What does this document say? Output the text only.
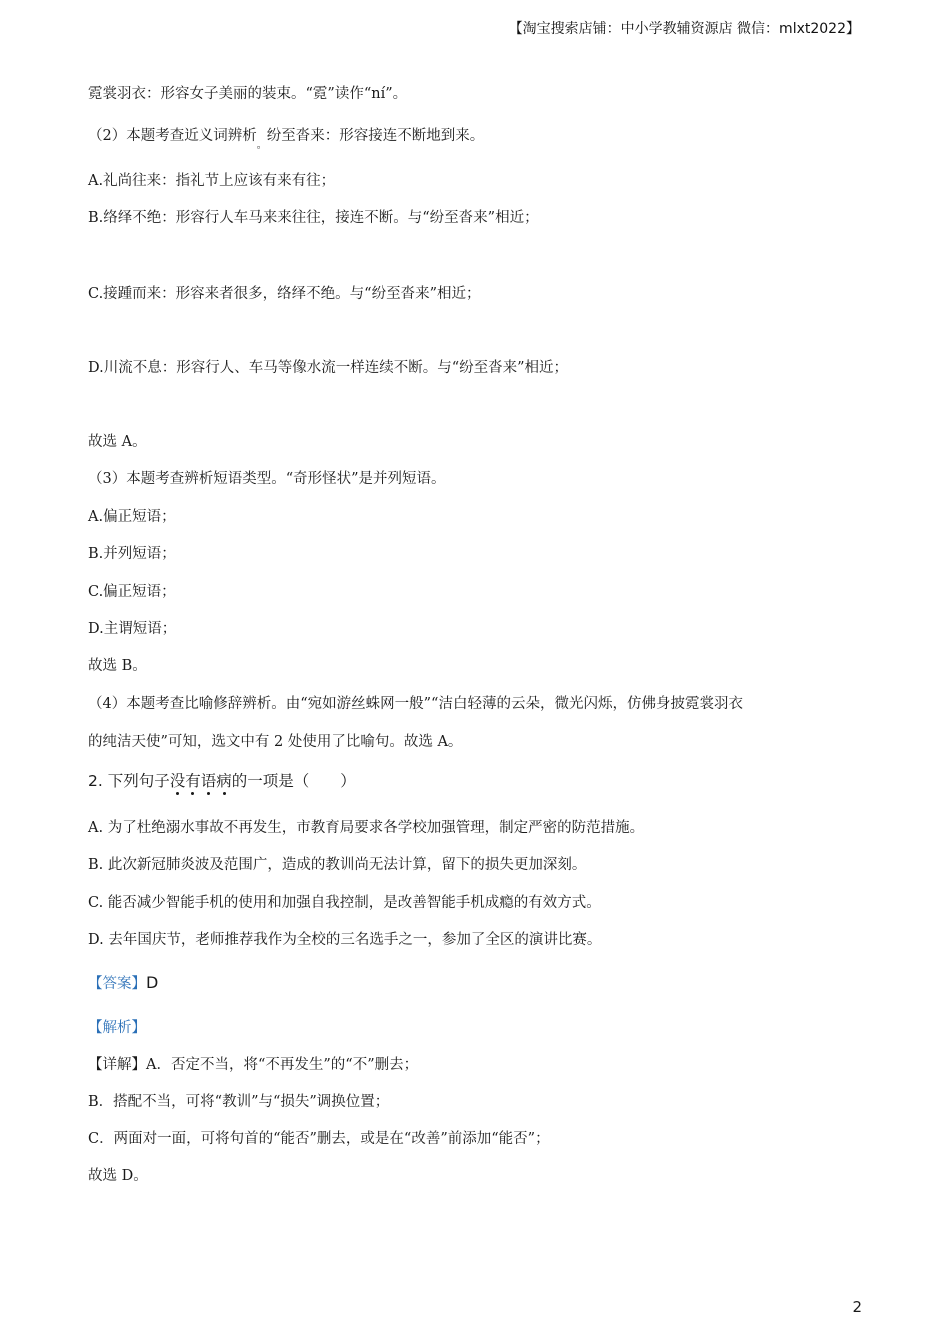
【淘宝搜索店铺：中小学教辅资源店 微信：mlxt2022】
霓裳羽衣：形容女子美丽的装束。“霓”读作“ní”。
（2）本题考查近义词辨析$_。$纷至沓来：形容接连不断地到来。
A.礼尚往来：指礼节上应该有来有往；
B.络绎不绝：形容行人车马来来往往，接连不断。与“纷至沓来”相近；
C.接踵而来：形容来者很多，络绎不绝。与“纷至沓来”相近；
D.川流不息：形容行人、车马等像水流一样连续不断。与“纷至沓来”相近；
故选 A。
（3）本题考查辨析短语类型。“奇形怪状”是并列短语。
A.偏正短语；
B.并列短语；
C.偏正短语；
D.主谓短语；
故选 B。
（4）本题考查比喻修辞辨析。由“宛如游丝蛛网一般”“洁白轻薄的云朵，微光闪烁，仿佛身披霓裳羽衣
的纯洁天使”可知，选文中有 2 处使用了比喻句。故选 A。
2. 下列句子没有语病的一项是（　　）
A. 为了杜绝溺水事故不再发生，市教育局要求各学校加强管理，制定严密的防范措施。
B. 此次新冠肺炎波及范围广，造成的教训尚无法计算，留下的损失更加深刻。
C. 能否减少智能手机的使用和加强自我控制，是改善智能手机成瘾的有效方式。
D. 去年国庆节，老师推荐我作为全校的三名选手之一，参加了全区的演讲比赛。
【答案】D
【解析】
【详解】A．否定不当，将“不再发生”的“不”删去；
B．搭配不当，可将“教训”与“损失”调换位置；
C．两面对一面，可将句首的“能否”删去，或是在“改善”前添加“能否”；
故选 D。
2
